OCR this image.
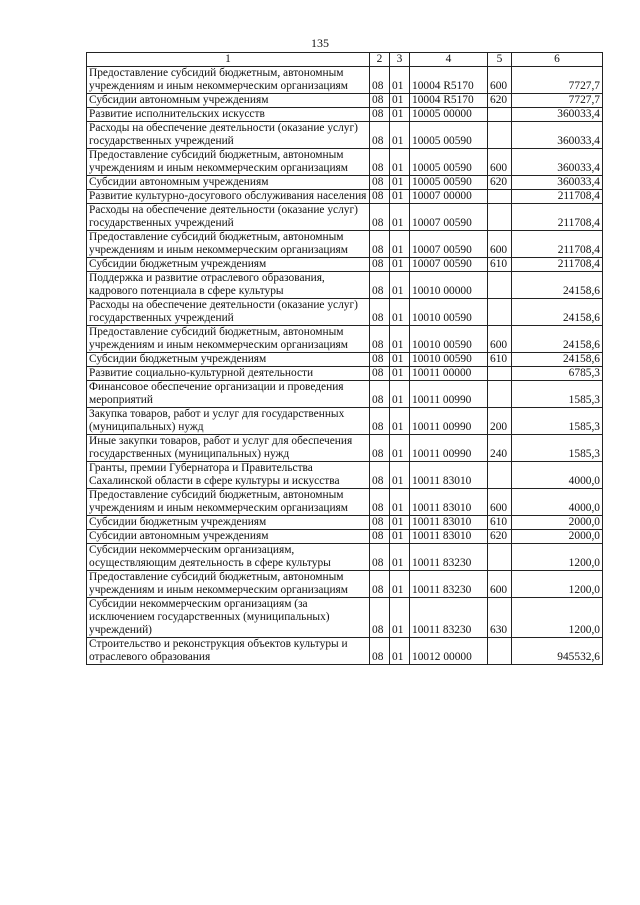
135
1	2	3	4	5	6
Предоставление субсидий бюджетным, автономным учреждениям и иным некоммерческим организациям	08	01	10004 R5170	600	7727,7
Субсидии автономным учреждениям	08	01	10004 R5170	620	7727,7
Развитие исполнительских искусств	08	01	10005 00000		360033,4
Расходы на обеспечение деятельности (оказание услуг) государственных учреждений	08	01	10005 00590		360033,4
Предоставление субсидий бюджетным, автономным учреждениям и иным некоммерческим организациям	08	01	10005 00590	600	360033,4
Субсидии автономным учреждениям	08	01	10005 00590	620	360033,4
Развитие культурно-досугового обслуживания населения	08	01	10007 00000		211708,4
Расходы на обеспечение деятельности (оказание услуг) государственных учреждений	08	01	10007 00590		211708,4
Предоставление субсидий бюджетным, автономным учреждениям и иным некоммерческим организациям	08	01	10007 00590	600	211708,4
Субсидии бюджетным учреждениям	08	01	10007 00590	610	211708,4
Поддержка и развитие отраслевого образования, кадрового потенциала в сфере культуры	08	01	10010 00000		24158,6
Расходы на обеспечение деятельности (оказание услуг) государственных учреждений	08	01	10010 00590		24158,6
Предоставление субсидий бюджетным, автономным учреждениям и иным некоммерческим организациям	08	01	10010 00590	600	24158,6
Субсидии бюджетным учреждениям	08	01	10010 00590	610	24158,6
Развитие социально-культурной деятельности	08	01	10011 00000		6785,3
Финансовое обеспечение организации и проведения мероприятий	08	01	10011 00990		1585,3
Закупка товаров, работ и услуг для государственных (муниципальных) нужд	08	01	10011 00990	200	1585,3
Иные закупки товаров, работ и услуг для обеспечения государственных (муниципальных) нужд	08	01	10011 00990	240	1585,3
Гранты, премии Губернатора и Правительства Сахалинской области в сфере культуры и искусства	08	01	10011 83010		4000,0
Предоставление субсидий бюджетным, автономным учреждениям и иным некоммерческим организациям	08	01	10011 83010	600	4000,0
Субсидии бюджетным учреждениям	08	01	10011 83010	610	2000,0
Субсидии автономным учреждениям	08	01	10011 83010	620	2000,0
Субсидии некоммерческим организациям, осуществляющим деятельность в сфере культуры	08	01	10011 83230		1200,0
Предоставление субсидий бюджетным, автономным учреждениям и иным некоммерческим организациям	08	01	10011 83230	600	1200,0
Субсидии некоммерческим организациям (за исключением государственных (муниципальных) учреждений)	08	01	10011 83230	630	1200,0
Строительство и реконструкция объектов культуры и отраслевого образования	08	01	10012 00000		945532,6
